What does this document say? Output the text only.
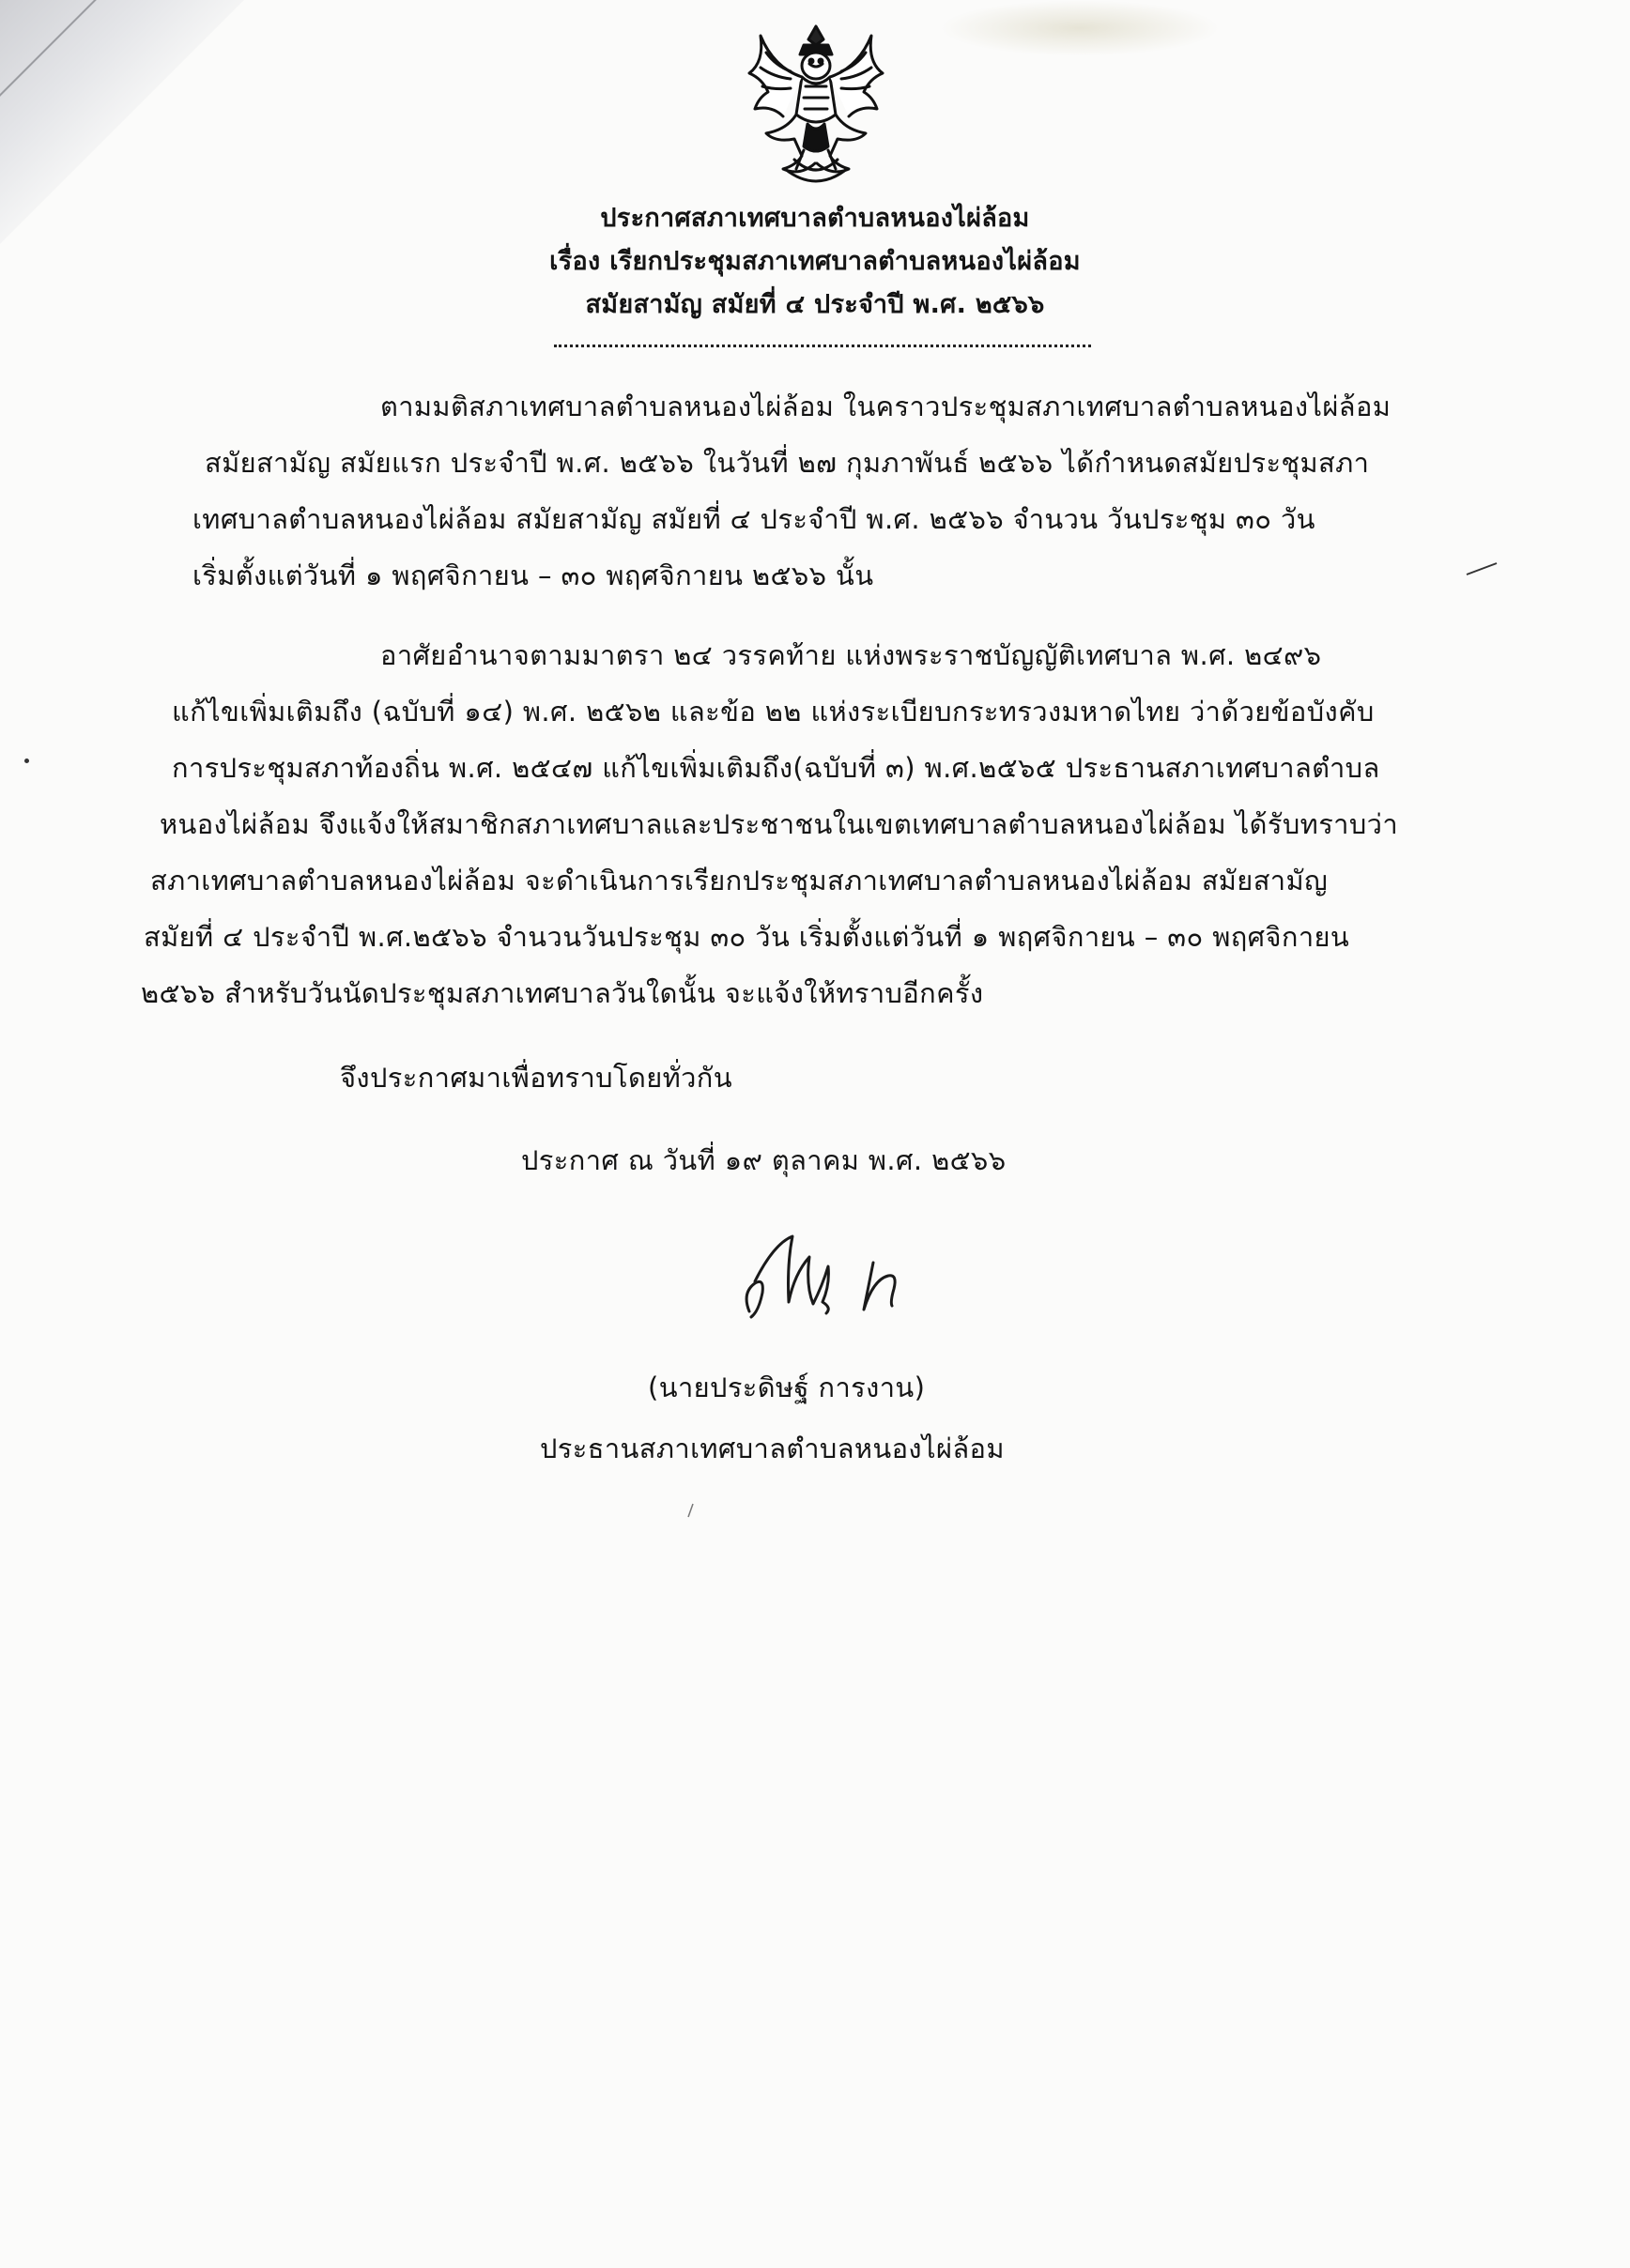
ประกาศสภาเทศบาลตำบลหนองไผ่ล้อม
เรื่อง เรียกประชุมสภาเทศบาลตำบลหนองไผ่ล้อม
สมัยสามัญ สมัยที่ ๔ ประจำปี พ.ศ. ๒๕๖๖
ตามมติสภาเทศบาลตำบลหนองไผ่ล้อม ในคราวประชุมสภาเทศบาลตำบลหนองไผ่ล้อม
สมัยสามัญ สมัยแรก ประจำปี พ.ศ. ๒๕๖๖ ในวันที่ ๒๗ กุมภาพันธ์ ๒๕๖๖ ได้กำหนดสมัยประชุมสภา
เทศบาลตำบลหนองไผ่ล้อม สมัยสามัญ สมัยที่ ๔ ประจำปี พ.ศ. ๒๕๖๖ จำนวน วันประชุม ๓๐ วัน
เริ่มตั้งแต่วันที่ ๑ พฤศจิกายน – ๓๐ พฤศจิกายน ๒๕๖๖ นั้น
อาศัยอำนาจตามมาตรา ๒๔ วรรคท้าย แห่งพระราชบัญญัติเทศบาล พ.ศ. ๒๔๙๖
แก้ไขเพิ่มเติมถึง (ฉบับที่ ๑๔) พ.ศ. ๒๕๖๒ และข้อ ๒๒ แห่งระเบียบกระทรวงมหาดไทย ว่าด้วยข้อบังคับ
การประชุมสภาท้องถิ่น พ.ศ. ๒๕๔๗ แก้ไขเพิ่มเติมถึง(ฉบับที่ ๓) พ.ศ.๒๕๖๕ ประธานสภาเทศบาลตำบล
หนองไผ่ล้อม จึงแจ้งให้สมาชิกสภาเทศบาลและประชาชนในเขตเทศบาลตำบลหนองไผ่ล้อม ได้รับทราบว่า
สภาเทศบาลตำบลหนองไผ่ล้อม จะดำเนินการเรียกประชุมสภาเทศบาลตำบลหนองไผ่ล้อม สมัยสามัญ
สมัยที่ ๔ ประจำปี พ.ศ.๒๕๖๖ จำนวนวันประชุม ๓๐ วัน เริ่มตั้งแต่วันที่ ๑ พฤศจิกายน – ๓๐ พฤศจิกายน
๒๕๖๖ สำหรับวันนัดประชุมสภาเทศบาลวันใดนั้น จะแจ้งให้ทราบอีกครั้ง
จึงประกาศมาเพื่อทราบโดยทั่วกัน
ประกาศ ณ วันที่ ๑๙ ตุลาคม พ.ศ. ๒๕๖๖
(นายประดิษฐ์ การงาน)
ประธานสภาเทศบาลตำบลหนองไผ่ล้อม
